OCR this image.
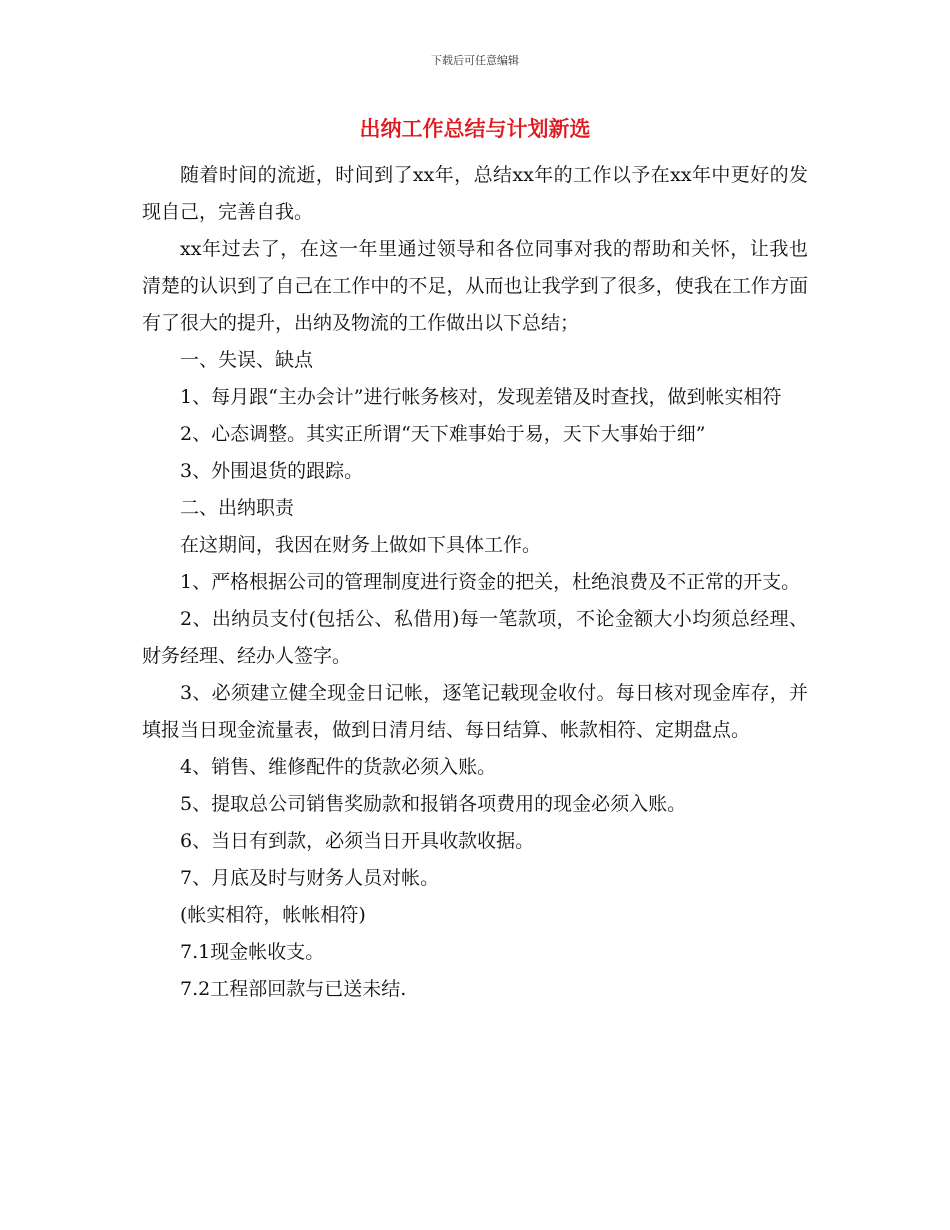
下载后可任意编辑
出纳工作总结与计划新选

随着时间的流逝，时间到了xx年，总结xx年的工作以予在xx年中更好的发现自己，完善自我。

xx年过去了，在这一年里通过领导和各位同事对我的帮助和关怀，让我也清楚的认识到了自己在工作中的不足，从而也让我学到了很多，使我在工作方面有了很大的提升，出纳及物流的工作做出以下总结；

一、失误、缺点

1、每月跟“主办会计”进行帐务核对，发现差错及时查找，做到帐实相符

2、心态调整。其实正所谓“天下难事始于易，天下大事始于细”

3、外围退货的跟踪。

二、出纳职责

在这期间，我因在财务上做如下具体工作。

1、严格根据公司的管理制度进行资金的把关，杜绝浪费及不正常的开支。

2、出纳员支付(包括公、私借用)每一笔款项，不论金额大小均须总经理、财务经理、经办人签字。

3、必须建立健全现金日记帐，逐笔记载现金收付。每日核对现金库存，并填报当日现金流量表，做到日清月结、每日结算、帐款相符、定期盘点。

4、销售、维修配件的货款必须入账。

5、提取总公司销售奖励款和报销各项费用的现金必须入账。

6、当日有到款，必须当日开具收款收据。

7、月底及时与财务人员对帐。

(帐实相符，帐帐相符)

7.1现金帐收支。

7.2工程部回款与已送未结.
